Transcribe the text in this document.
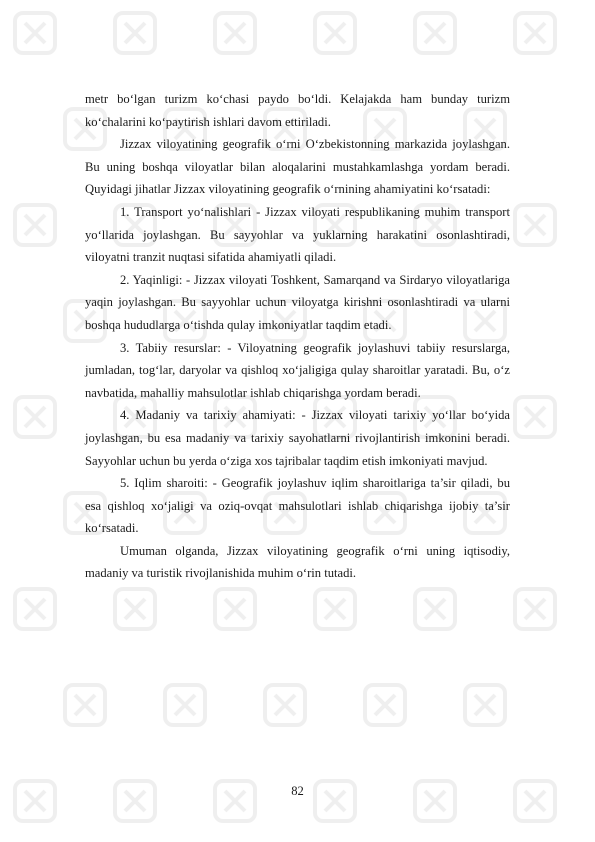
metr bo‘lgan turizm ko‘chasi paydo bo‘ldi. Kelajakda ham bunday turizm ko‘chalarini ko‘paytirish ishlari davom ettiriladi.

Jizzax viloyatining geografik o‘rni O‘zbekistonning markazida joylashgan. Bu uning boshqa viloyatlar bilan aloqalarini mustahkamlashga yordam beradi. Quyidagi jihatlar Jizzax viloyatining geografik o‘rnining ahamiyatini ko‘rsatadi:

1. Transport yo‘nalishlari - Jizzax viloyati respublikaning muhim transport yo‘llarida joylashgan. Bu sayyohlar va yuklarning harakatini osonlashtiradi, viloyatni tranzit nuqtasi sifatida ahamiyatli qiladi.

2. Yaqinligi: - Jizzax viloyati Toshkent, Samarqand va Sirdaryo viloyatlariga yaqin joylashgan. Bu sayyohlar uchun viloyatga kirishni osonlashtiradi va ularni boshqa hududlarga o‘tishda qulay imkoniyatlar taqdim etadi.

3. Tabiiy resurslar: - Viloyatning geografik joylashuvi tabiiy resurslarga, jumladan, tog‘lar, daryolar va qishloq xo‘jaligiga qulay sharoitlar yaratadi. Bu, o‘z navbatida, mahalliy mahsulotlar ishlab chiqarishga yordam beradi.

4. Madaniy va tarixiy ahamiyati: - Jizzax viloyati tarixiy yo‘llar bo‘yida joylashgan, bu esa madaniy va tarixiy sayohatlarni rivojlantirish imkonini beradi. Sayyohlar uchun bu yerda o‘ziga xos tajribalar taqdim etish imkoniyati mavjud.

5. Iqlim sharoiti: - Geografik joylashuv iqlim sharoitlariga ta’sir qiladi, bu esa qishloq xo‘jaligi va oziq-ovqat mahsulotlari ishlab chiqarishga ijobiy ta’sir ko‘rsatadi.

Umuman olganda, Jizzax viloyatining geografik o‘rni uning iqtisodiy, madaniy va turistik rivojlanishida muhim o‘rin tutadi.

82
